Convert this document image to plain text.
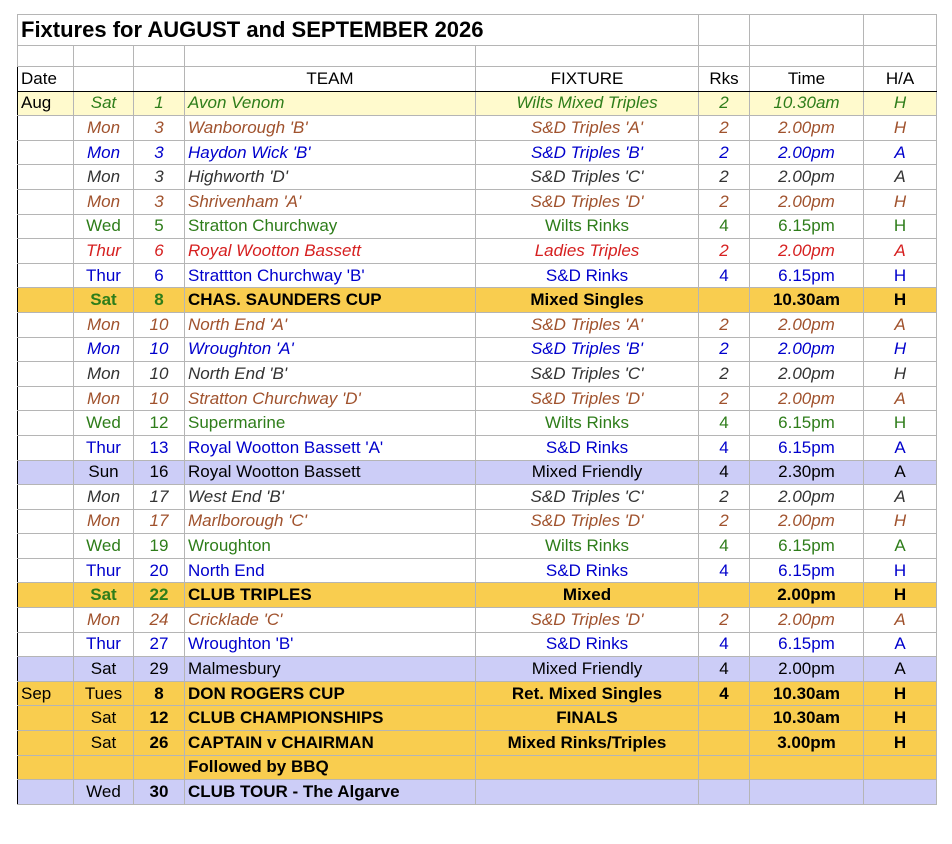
Fixtures for AUGUST and SEPTEMBER 2026							

Date			TEAM	FIXTURE	Rks	Time	H/A
Aug	Sat	1	Avon Venom	Wilts Mixed Triples	2	10.30am	H
	Mon	3	Wanborough 'B'	S&D Triples 'A'	2	2.00pm	H
	Mon	3	Haydon Wick 'B'	S&D Triples 'B'	2	2.00pm	A
	Mon	3	Highworth 'D'	S&D Triples 'C'	2	2.00pm	A
	Mon	3	Shrivenham 'A'	S&D Triples 'D'	2	2.00pm	H
	Wed	5	Stratton Churchway	Wilts Rinks	4	6.15pm	H
	Thur	6	Royal Wootton Bassett	Ladies Triples	2	2.00pm	A
	Thur	6	Strattton Churchway 'B'	S&D Rinks	4	6.15pm	H
	Sat	8	CHAS. SAUNDERS CUP	Mixed Singles		10.30am	H
	Mon	10	North End 'A'	S&D Triples 'A'	2	2.00pm	A
	Mon	10	Wroughton 'A'	S&D Triples 'B'	2	2.00pm	H
	Mon	10	North End 'B'	S&D Triples 'C'	2	2.00pm	H
	Mon	10	Stratton Churchway 'D'	S&D Triples 'D'	2	2.00pm	A
	Wed	12	Supermarine	Wilts Rinks	4	6.15pm	H
	Thur	13	Royal Wootton Bassett 'A'	S&D Rinks	4	6.15pm	A
	Sun	16	Royal Wootton Bassett	Mixed Friendly	4	2.30pm	A
	Mon	17	West End 'B'	S&D Triples 'C'	2	2.00pm	A
	Mon	17	Marlborough 'C'	S&D Triples 'D'	2	2.00pm	H
	Wed	19	Wroughton	Wilts Rinks	4	6.15pm	A
	Thur	20	North End	S&D Rinks	4	6.15pm	H
	Sat	22	CLUB TRIPLES	Mixed		2.00pm	H
	Mon	24	Cricklade 'C'	S&D Triples 'D'	2	2.00pm	A
	Thur	27	Wroughton 'B'	S&D Rinks	4	6.15pm	A
	Sat	29	Malmesbury	Mixed Friendly	4	2.00pm	A
Sep	Tues	8	DON ROGERS CUP	Ret. Mixed Singles	4	10.30am	H
	Sat	12	CLUB CHAMPIONSHIPS	FINALS		10.30am	H
	Sat	26	CAPTAIN v CHAIRMAN	Mixed Rinks/Triples		3.00pm	H
			Followed by BBQ				
	Wed	30	CLUB TOUR - The Algarve				
